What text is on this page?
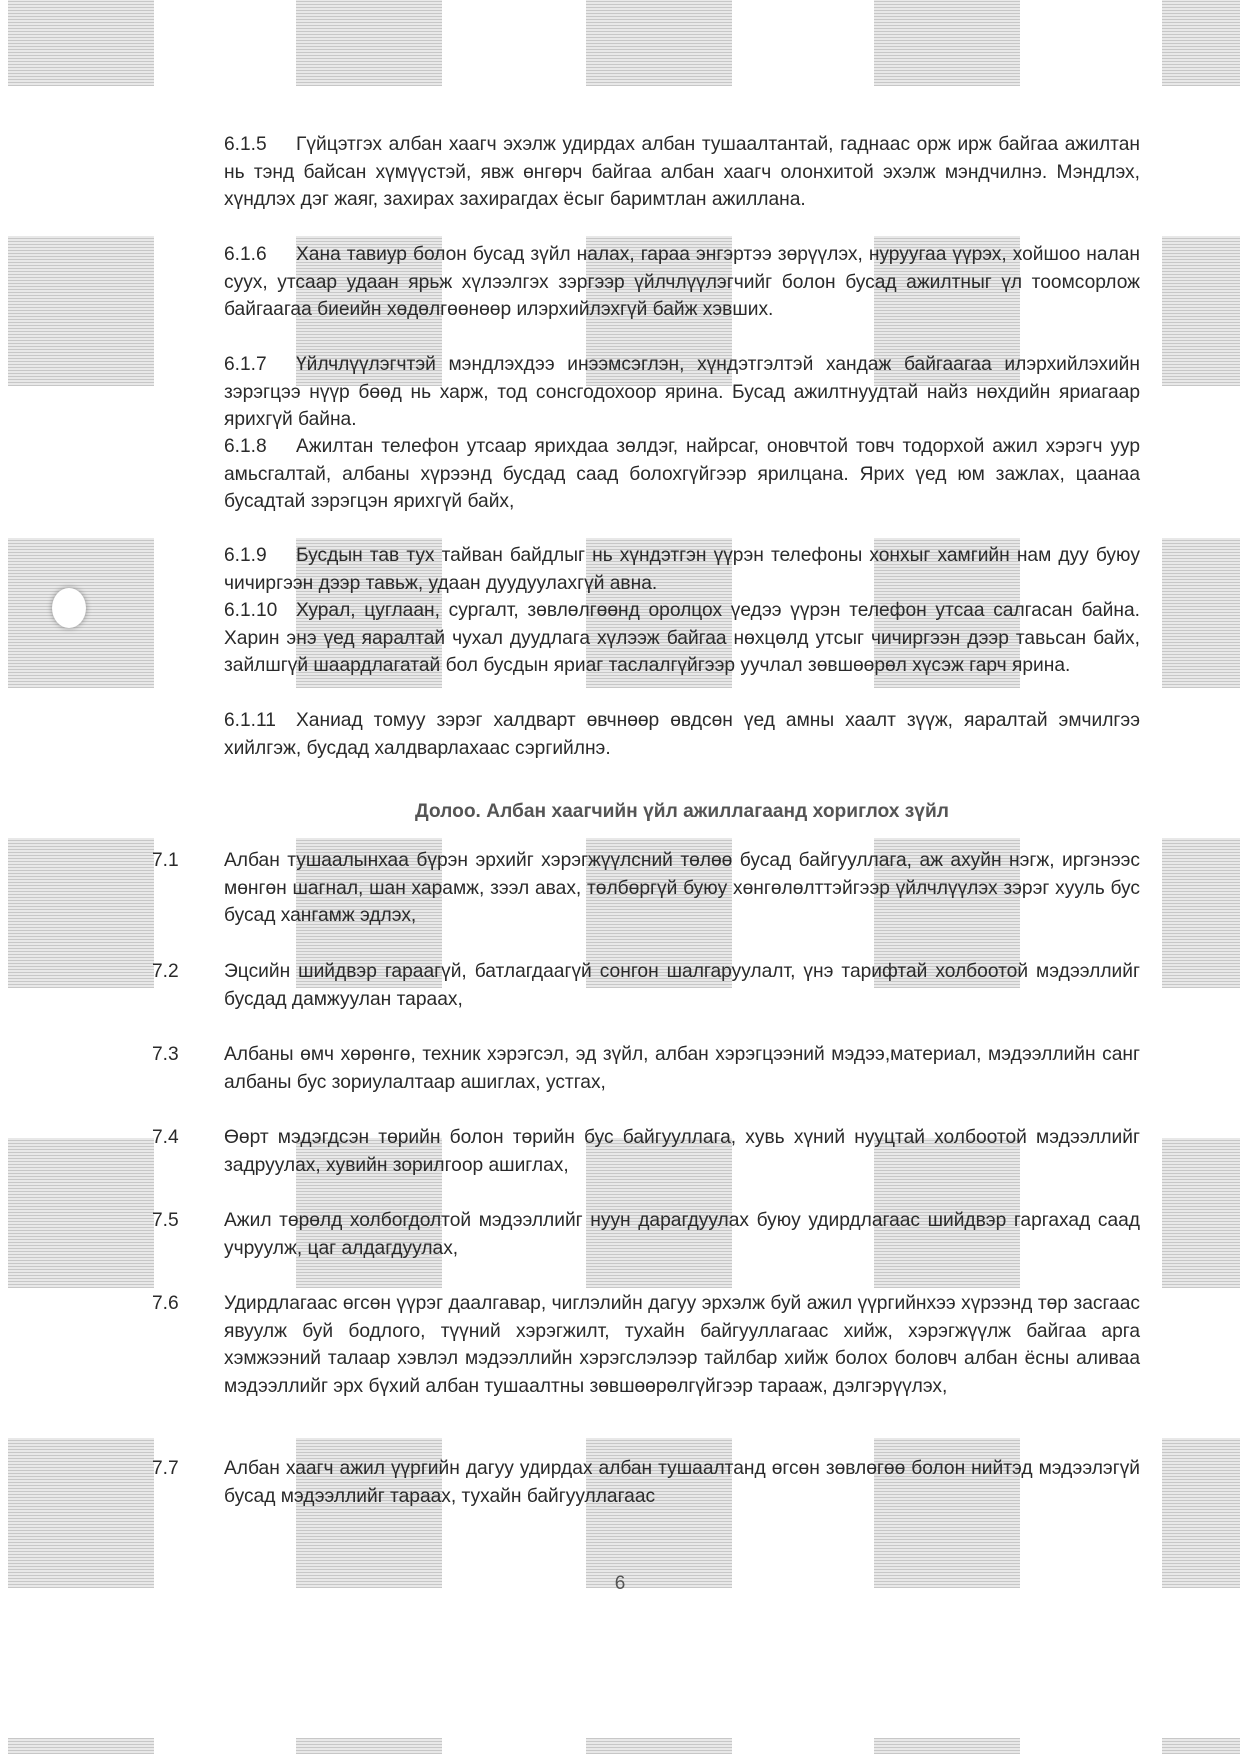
6.1.5 Гүйцэтгэх албан хаагч эхэлж удирдах албан тушаалтантай, гаднаас орж ирж байгаа ажилтан нь тэнд байсан хүмүүстэй, явж өнгөрч байгаа албан хаагч олонхитой эхэлж мэндчилнэ. Мэндлэх, хүндлэх дэг жаяг, захирах захирагдах ёсыг баримтлан ажиллана.

6.1.6 Хана тавиур болон бусад зүйл налах, гараа энгэртээ зөрүүлэх, нуруугаа үүрэх, хойшоо налан суух, утсаар удаан ярьж хүлээлгэх зэргээр үйлчлүүлэгчийг болон бусад ажилтныг үл тоомсорлож байгаагаа биеийн хөдөлгөөнөөр илэрхийлэхгүй байж хэвших.

6.1.7 Үйлчлүүлэгчтэй мэндлэхдээ инээмсэглэн, хүндэтгэлтэй хандаж байгаагаа илэрхийлэхийн зэрэгцээ нүүр бөөд нь харж, тод сонсгодохоор ярина. Бусад ажилтнуудтай найз нөхдийн яриагаар ярихгүй байна.

6.1.8 Ажилтан телефон утсаар ярихдаа зөлдэг, найрсаг, оновчтой товч тодорхой ажил хэрэгч уур амьсгалтай, албаны хүрээнд бусдад саад болохгүйгээр ярилцана. Ярих үед юм зажлах, цаанаа бусадтай зэрэгцэн ярихгүй байх,

6.1.9 Бусдын тав тух тайван байдлыг нь хүндэтгэн үүрэн телефоны хонхыг хамгийн нам дуу буюу чичиргээн дээр тавьж, удаан дуудуулахгүй авна.

6.1.10 Хурал, цуглаан, сургалт, зөвлөлгөөнд оролцох үедээ үүрэн телефон утсаа салгасан байна. Харин энэ үед яаралтай чухал дуудлага хүлээж байгаа нөхцөлд утсыг чичиргээн дээр тавьсан байх, зайлшгүй шаардлагатай бол бусдын яриаг таслалгүйгээр уучлал зөвшөөрөл хүсэж гарч ярина.

6.1.11 Ханиад томуу зэрэг халдварт өвчнөөр өвдсөн үед амны хаалт зүүж, яаралтай эмчилгээ хийлгэж, бусдад халдварлахаас сэргийлнэ.

Долоо. Албан хаагчийн үйл ажиллагаанд хориглох зүйл
7.1	Албан тушаалынхаа бүрэн эрхийг хэрэгжүүлсний төлөө бусад байгууллага, аж ахуйн нэгж, иргэнээс мөнгөн шагнал, шан харамж, зээл авах, төлбөргүй буюу хөнгөлөлттэйгээр үйлчлүүлэх зэрэг хууль бус бусад хангамж эдлэх,

7.2	Эцсийн шийдвэр гараагүй, батлагдаагүй сонгон шалгаруулалт, үнэ тарифтай холбоотой мэдээллийг бусдад дамжуулан тараах,

7.3	Албаны өмч хөрөнгө, техник хэрэгсэл, эд зүйл, албан хэрэгцээний мэдээ,материал, мэдээллийн санг албаны бус зориулалтаар ашиглах, устгах,

7.4	Өөрт мэдэгдсэн төрийн болон төрийн бус байгууллага, хувь хүний нууцтай холбоотой мэдээллийг задруулах, хувийн зорилгоор ашиглах,

7.5	Ажил төрөлд холбогдолтой мэдээллийг нуун дарагдуулах буюу удирдлагаас шийдвэр гаргахад саад учруулж, цаг алдагдуулах,

7.6	Удирдлагаас өгсөн үүрэг даалгавар, чиглэлийн дагуу эрхэлж буй ажил үүргийнхээ хүрээнд төр засгаас явуулж буй бодлого, түүний хэрэгжилт, тухайн байгууллагаас хийж, хэрэгжүүлж байгаа арга хэмжээний талаар хэвлэл мэдээллийн хэрэгслэлээр тайлбар хийж болох боловч албан ёсны аливаа мэдээллийг эрх бүхий албан тушаалтны зөвшөөрөлгүйгээр тарааж, дэлгэрүүлэх,

7.7	Албан хаагч ажил үүргийн дагуу удирдах албан тушаалтанд өгсөн зөвлөгөө болон нийтэд мэдээлэгүй бусад мэдээллийг тараах, тухайн байгууллагаас

6
